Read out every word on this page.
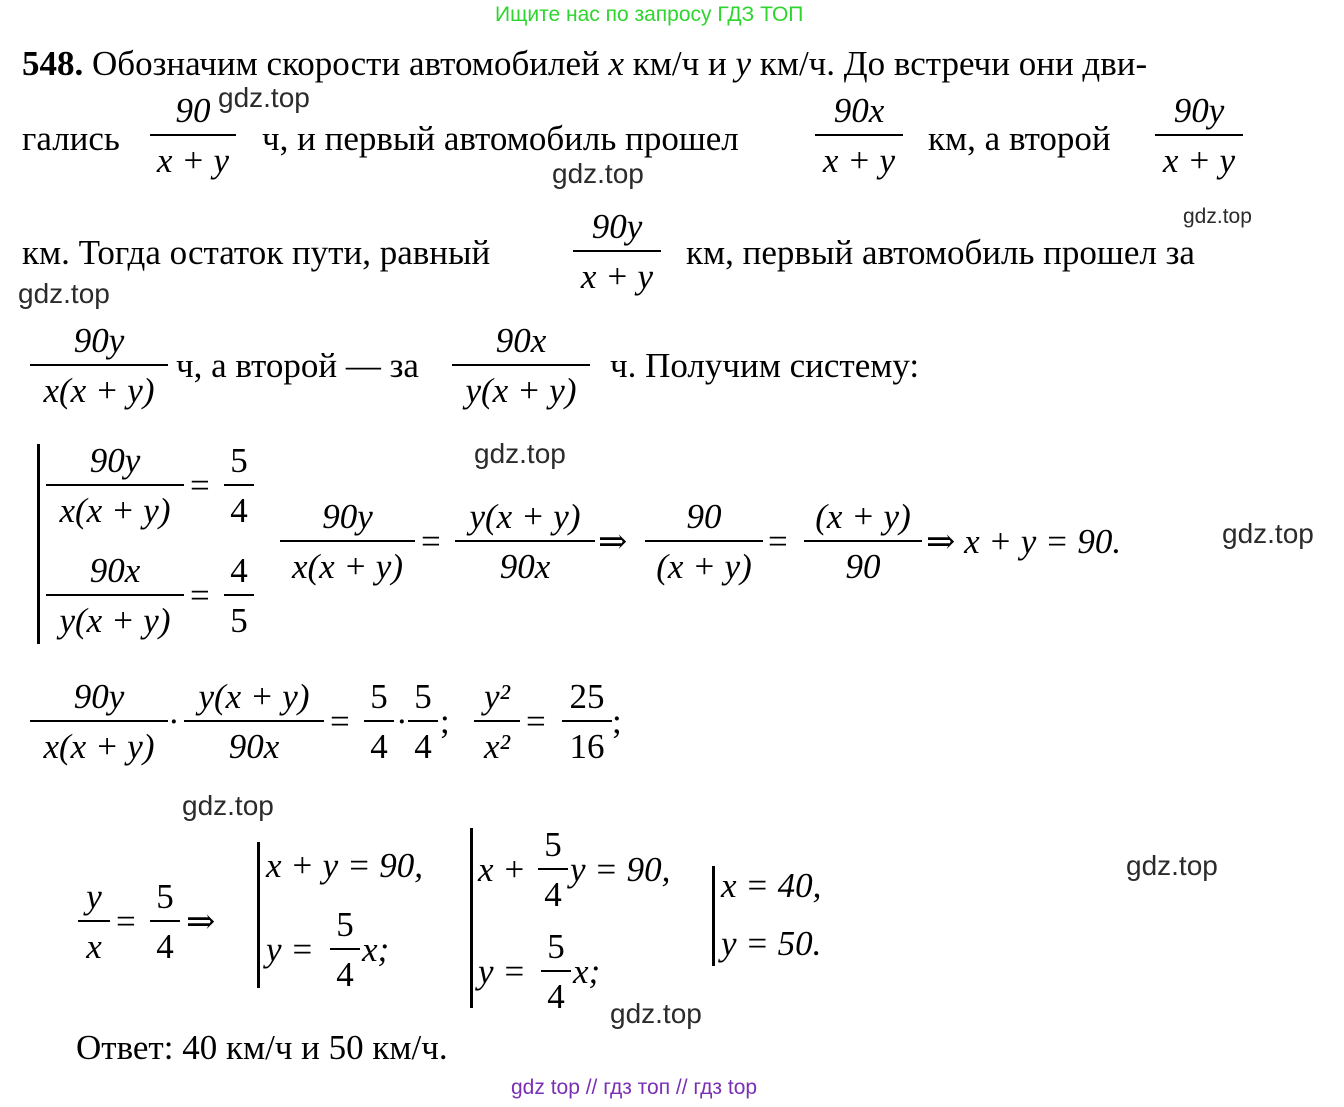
Ищите нас по запросу ГДЗ ТОП
548. Обозначим скорости автомобилей x км/ч и y км/ч. До встречи они дви-
гались
90
x + y
ч, и первый автомобиль прошел
90x
x + y
км, а второй
90y
x + y
км. Тогда остаток пути, равный
90y
x + y
км, первый автомобиль прошел за
90y
x(x + y)
ч, а второй — за
90x
y(x + y)
ч. Получим систему:
90y
x(x + y)
=
5
4
90x
y(x + y)
=
4
5
90y
x(x + y)
=
y(x + y)
90x
⇒
90
(x + y)
=
(x + y)
90
⇒ x + y = 90.
90y
x(x + y)
·
y(x + y)
90x
=
5
4
·
5
4
;
y²
x²
=
25
16
;
y
x
=
5
4
⇒
x + y = 90,
y =
5
4
x;
x +
5
4
y = 90,
y =
5
4
x;
x = 40,
y = 50.
Ответ: 40 км/ч и 50 км/ч.
gdz.top
gdz.top
gdz.top
gdz.top
gdz.top
gdz.top
gdz.top
gdz.top
gdz.top
gdz top // гдз топ // гдз top
